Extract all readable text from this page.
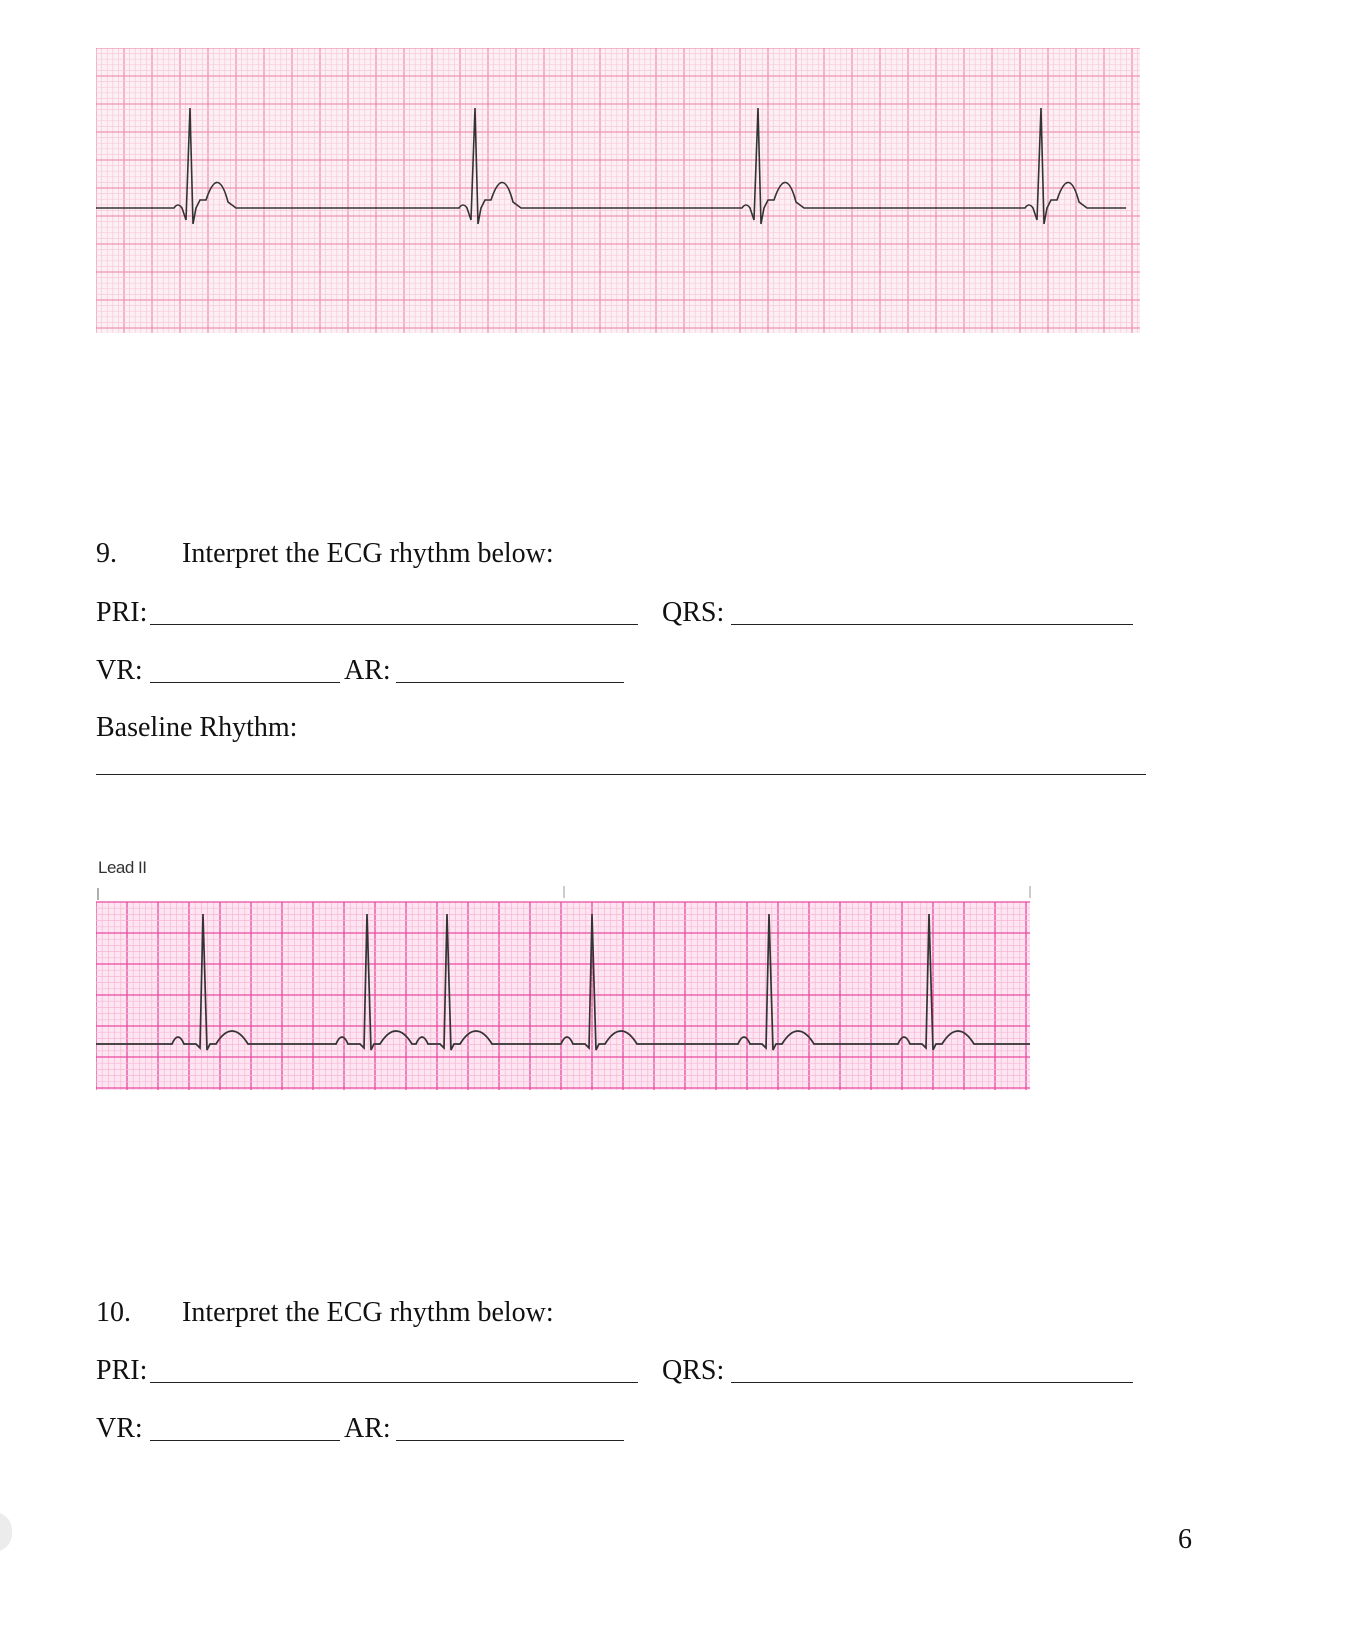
9. Interpret the ECG rhythm below:
PRI:	QRS:
VR:	AR:
Baseline Rhythm:
Lead II
10. Interpret the ECG rhythm below:
PRI:	QRS:
VR:	AR:
6
